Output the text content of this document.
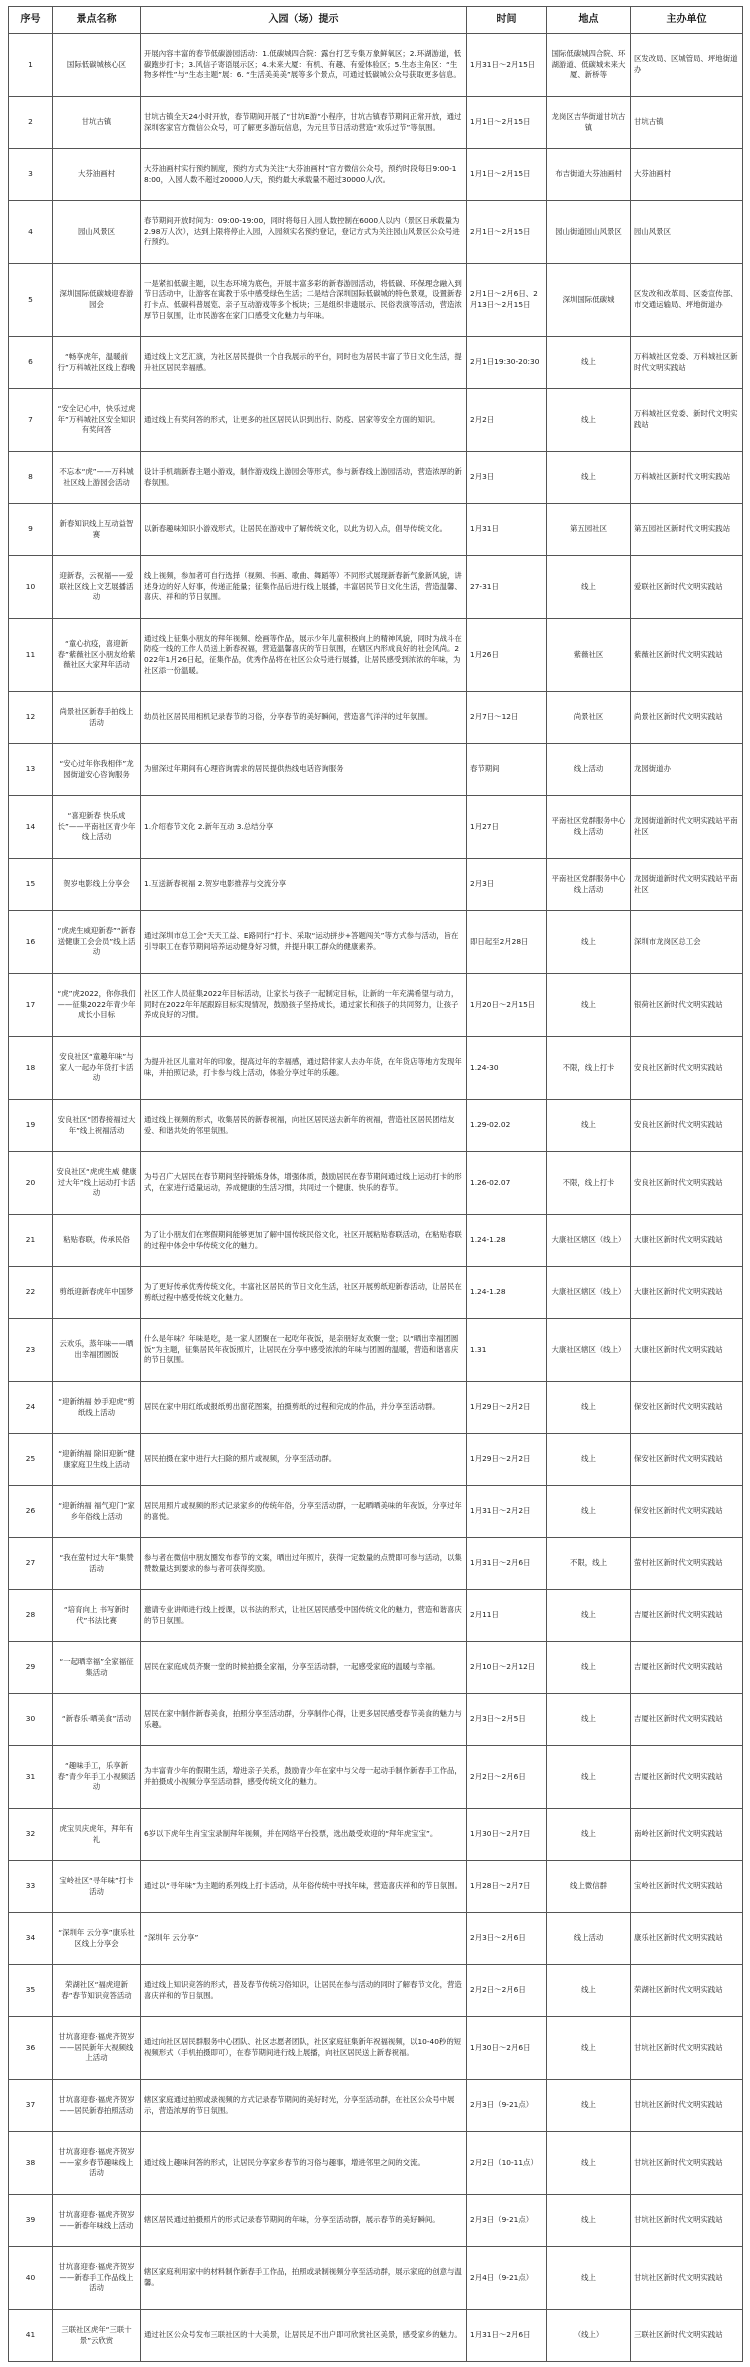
序号	景点名称	入园（场）提示	时间	地点	主办单位
1	国际低碳城核心区	开展內容丰富的春节低碳游园活动：1.低碳城四合院：露台打艺专集万象鲜氧区；2.环湖游道，低碳跑步打卡；3.风信子寄语展示区；4.未来大厦：有机、有趣、有爱体验区；5.生态主角区：“生物多样性”与“生态主题”展：6. “生活美美美”展等多个景点，可通过低碳城公众号获取更多信息。	1月31日～2月15日	国际低碳城四合院、环湖游道、低碳城未来大厦、新桥等	区发改局、区城管局、坪地街道办
2	甘坑古镇	甘坑古镇全天24小时开放，春节期间开展了“甘坑E游”小程序，甘坑古镇春节期间正常开放，通过深圳客家官方微信公众号，可了解更多游玩信息，为元旦节日活动营造“欢乐过节”等氛围。	1月1日～2月15日	龙岗区吉华街道甘坑古镇	甘坑古镇
3	大芬油画村	大芬油画村实行预约制度，预约方式为关注“大芬油画村”官方微信公众号，预约时段每日9:00-18:00，入园人数不超过20000人/天，预约最大承载量不超过30000人/次。	1月1日～2月15日	布吉街道大芬油画村	大芬油画村
4	园山风景区	春节期间开放时间为：09:00-19:00，同时将每日入园人数控制在6000人以内（景区日承载量为2.98万人次），达到上限将停止入园，入园须实名预约登记，登记方式为关注园山风景区公众号进行预约。	2月1日～2月15日	园山街道园山风景区	园山风景区
5	深圳国际低碳城迎春游园会	一是紧扣低碳主题，以生态环境为底色，开展丰富多彩的新春游园活动，将低碳、环保理念融入到节日活动中，让游客在寓教于乐中感受绿色生活；二是结合深圳国际低碳城的特色景观，设置新春打卡点、低碳科普展览、亲子互动游戏等多个板块；三是组织非遗展示、民俗表演等活动，营造浓厚节日氛围，让市民游客在家门口感受文化魅力与年味。	2月1日～2月6日、2月13日～2月15日	深圳国际低碳城	区发改和改革局、区委宣传部、市交通运输局、坪地街道办
6	“畅享虎年，温暖前行”万科城社区线上春晚	通过线上文艺汇演，为社区居民提供一个自我展示的平台，同时也为居民丰富了节日文化生活，提升社区居民幸福感。	2月1日19:30-20:30	线上	万科城社区党委、万科城社区新时代文明实践站
7	“安全记心中，快乐过虎年”万科城社区安全知识有奖问答	通过线上有奖问答的形式，让更多的社区居民认识到出行、防疫、居家等安全方面的知识。	2月2日	线上	万科城社区党委、新时代文明实践站
8	不忘本“虎”——万科城社区线上游园会活动	设计手机端新春主题小游戏，制作游戏线上游园会等形式，参与新春线上游园活动，营造浓厚的新春氛围。	2月3日	线上	万科城社区新时代文明实践站
9	新春知识线上互动益智赛	以新春趣味知识小游戏形式，让居民在游戏中了解传统文化，以此为切入点，倡导传统文化。	1月31日	第五园社区	第五园社区新时代文明实践站
10	迎新春，云祝福——爱联社区线上文艺展播活动	线上视频，参加者可自行选择（视频、书画、歌曲、舞蹈等）不同形式展现新春新气象新风貌，讲述身边的好人好事，传递正能量；征集作品后进行线上展播，丰富居民节日文化生活，营造温馨、喜庆、祥和的节日氛围。	27-31日	线上	爱联社区新时代文明实践站
11	“童心抗疫，喜迎新春”紫薇社区小朋友给紫薇社区大家拜年活动	通过线上征集小朋友的拜年视频、绘画等作品，展示少年儿童积极向上的精神风貌，同时为战斗在防疫一线的工作人员送上新春祝福，营造温馨喜庆的节日氛围，在辖区内形成良好的社会风尚。2022年1月26日起，征集作品，优秀作品将在社区公众号进行展播，让居民感受到浓浓的年味，为社区添一份温暖。	1月26日	紫薇社区	紫薇社区新时代文明实践站
12	尚景社区新春手拍线上活动	幼员社区居民用相机记录春节的习俗，分享春节的美好瞬间，营造喜气洋洋的过年氛围。	2月7日～12日	尚景社区	尚景社区新时代文明实践站
13	“安心过年你我相伴”龙园街道安心咨询服务	为留深过年期间有心理咨询需求的居民提供热线电话咨询服务	春节期间	线上活动	龙园街道办
14	“喜迎新春 快乐成长”——平南社区青少年线上活动	1.介绍春节文化 2.新年互动 3.总结分享	1月27日	平南社区党群服务中心线上活动	龙园街道新时代文明实践站平南社区
15	贺岁电影线上分享会	1.互送新春祝福 2.贺岁电影推荐与交流分享	2月3日	平南社区党群服务中心线上活动	龙园街道新时代文明实践站平南社区
16	“虎虎生威迎新春”“新春送健康工会会员”线上活动	通过深圳市总工会“天天工益、E路同行”打卡、采取“运动拼步+答题闯关”等方式参与活动，旨在引导职工在春节期间培养运动健身好习惯，并提升职工群众的健康素养。	即日起至2月28日	线上	深圳市龙岗区总工会
17	“虎”虎2022，你你我们——征集2022年青少年成长小目标	社区工作人员征集2022年目标活动，让家长与孩子一起制定目标，让新的一年充满希望与动力，同时在2022年年尾跟踪目标实现情况，鼓励孩子坚持成长，通过家长和孩子的共同努力，让孩子养成良好的习惯。	1月20日～2月15日	线上	银荷社区新时代文明实践站
18	安良社区“童趣年味”与家人一起办年货打卡活动	为提升社区儿童对年的印象，提高过年的幸福感，通过陪伴家人去办年货，在年货店等地方发现年味，并拍照记录，打卡参与线上活动，体验分享过年的乐趣。	1.24-30	不限，线上打卡	安良社区新时代文明实践站
19	安良社区“团春接福过大年”线上祝福活动	通过线上视频的形式，收集居民的新春祝福，向社区居民送去新年的祝福，营造社区居民团结友爱、和谐共处的邻里氛围。	1.29-02.02	线上	安良社区新时代文明实践站
20	安良社区“虎虎生威 健康过大年”线上运动打卡活动	为号召广大居民在春节期间坚持锻炼身体，增强体质，鼓励居民在春节期间通过线上运动打卡的形式，在家进行适量运动，养成健康的生活习惯，共同过一个健康、快乐的春节。	1.26-02.07	不限，线上打卡	安良社区新时代文明实践站
21	粘贴春联，传承民俗	为了让小朋友们在寒假期间能够更加了解中国传统民俗文化，社区开展粘贴春联活动，在粘贴春联的过程中体会中华传统文化的魅力。	1.24-1.28	大康社区辖区（线上）	大康社区新时代文明实践站
22	剪纸迎新春虎年中国梦	为了更好传承优秀传统文化，丰富社区居民的节日文化生活，社区开展剪纸迎新春活动，让居民在剪纸过程中感受传统文化魅力。	1.24-1.28	大康社区辖区（线上）	大康社区新时代文明实践站
23	云欢乐，蒸年味——晒出幸福团圆饭	什么是年味？年味是吃，是一家人团聚在一起吃年夜饭，是亲朋好友欢聚一堂；以“晒出幸福团圆饭”为主题，征集居民年夜饭照片，让居民在分享中感受浓浓的年味与团圆的温暖，营造和谐喜庆的节日氛围。	1.31	大康社区辖区（线上）	大康社区新时代文明实践站
24	“迎新纳福 妙手迎虎”剪纸线上活动	居民在家中用红纸或报纸剪出窗花图案，拍摄剪纸的过程和完成的作品，并分享至活动群。	1月29日～2月2日	线上	保安社区新时代文明实践站
25	“迎新纳福 除旧迎新”健康家庭卫生线上活动	居民拍摄在家中进行大扫除的照片或视频，分享至活动群。	1月29日～2月2日	线上	保安社区新时代文明实践站
26	“迎新纳福 福气迎门”家乡年俗线上活动	居民用照片或视频的形式记录家乡的传统年俗，分享至活动群，一起晒晒美味的年夜饭，分享过年的喜悦。	1月31日～2月2日	线上	保安社区新时代文明实践站
27	“我在萤村过大年”集赞活动	参与者在微信中朋友圈发布春节的文案，晒出过年照片，获得一定数量的点赞即可参与活动，以集赞数量达到要求的参与者可获得奖励。	1月31日～2月6日	不限，线上	萤村社区新时代文明实践站
28	“培育向上 书写新时代”书法比赛	邀请专业讲师进行线上授课，以书法的形式，让社区居民感受中国传统文化的魅力，营造和谐喜庆的节日氛围。	2月11日	线上	吉厦社区新时代文明实践站
29	“一起晒幸福”全家福征集活动	居民在家庭成员齐聚一堂的时候拍摄全家福，分享至活动群，一起感受家庭的温暖与幸福。	2月10日～2月12日	线上	吉厦社区新时代文明实践站
30	“新春乐·晒美食”活动	居民在家中制作新春美食，拍照分享至活动群，分享制作心得，让更多居民感受春节美食的魅力与乐趣。	2月3日～2月5日	线上	吉厦社区新时代文明实践站
31	“趣味手工，乐享新春”青少年手工小视频活动	为丰富青少年的假期生活，增进亲子关系，鼓励青少年在家中与父母一起动手制作新春手工作品，并拍摄成小视频分享至活动群，感受传统文化的魅力。	2月2日～2月6日	线上	吉厦社区新时代文明实践站
32	虎宝贝庆虎年，拜年有礼	6岁以下虎年生肖宝宝录制拜年视频，并在网络平台投票，选出最受欢迎的“拜年虎宝宝”。	1月30日～2月7日	线上	南岭社区新时代文明实践站
33	宝岭社区“寻年味”打卡活动	通过以“寻年味”为主题的系列线上打卡活动，从年俗传统中寻找年味，营造喜庆祥和的节日氛围。	1月28日～2月7日	线上微信群	宝岭社区新时代文明实践站
34	“深圳年 云分享”康乐社区线上分享会	“深圳年 云分享”	2月3日～2月6日	线上活动	康乐社区新时代文明实践站
35	荣湖社区“福虎迎新春”春节知识竞答活动	通过线上知识竞答的形式，普及春节传统习俗知识，让居民在参与活动的同时了解春节文化，营造喜庆祥和的节日氛围。	2月2日～2月6日	线上	荣湖社区新时代文明实践站
36	甘坑喜迎春·福虎齐贺岁——居民新年大视频线上活动	通过向社区居民群服务中心团队、社区志愿者团队，社区家庭征集新年祝福视频，以10-40秒的短视频形式（手机拍摄即可），在春节期间进行线上展播，向社区居民送上新春祝福。	1月30日～2月6日	线上	甘坑社区新时代文明实践站
37	甘坑喜迎春·福虎齐贺岁——居民新春拍照活动	辖区家庭通过拍照或录视频的方式记录春节期间的美好时光，分享至活动群，在社区公众号中展示，营造浓厚的节日氛围。	2月3日（9-21点）	线上	甘坑社区新时代文明实践站
38	甘坑喜迎春·福虎齐贺岁——家乡春节趣味线上活动	通过线上趣味问答的形式，让居民分享家乡春节的习俗与趣事，增进邻里之间的交流。	2月2日（10-11点）	线上	甘坑社区新时代文明实践站
39	甘坑喜迎春·福虎齐贺岁——新春年味线上活动	辖区居民通过拍摄照片的形式记录春节期间的年味，分享至活动群，展示春节的美好瞬间。	2月3日（9-21点）	线上	甘坑社区新时代文明实践站
40	甘坑喜迎春·福虎齐贺岁——新春手工作品线上活动	辖区家庭利用家中的材料制作新春手工作品，拍照或录制视频分享至活动群，展示家庭的创意与温馨。	2月4日（9-21点）	线上	甘坑社区新时代文明实践站
41	三联社区虎年“三联十景”云欣赏	通过社区公众号发布三联社区的十大美景，让居民足不出户即可欣赏社区美景，感受家乡的魅力。	1月31日～2月6日	（线上）	三联社区新时代文明实践站
